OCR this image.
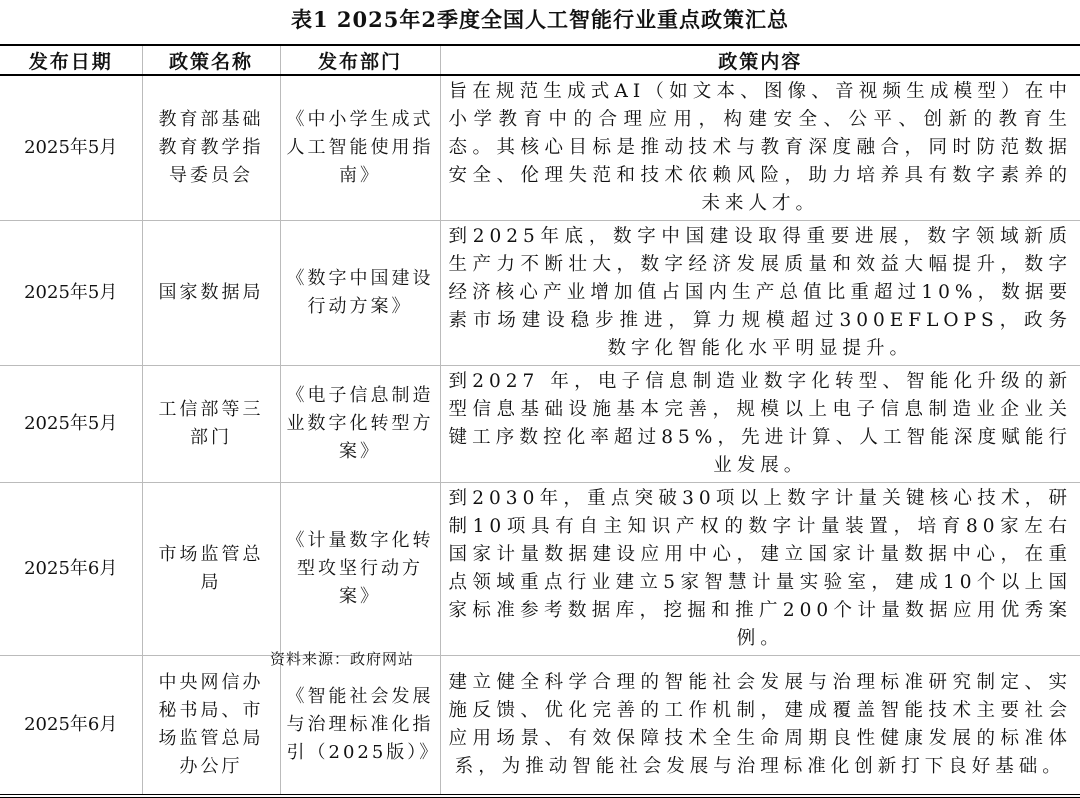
表1 2025年2季度全国人工智能行业重点政策汇总
发布日期	政策名称	发布部门	政策内容
2025年5月	教育部基础教育教学指导委员会	《中小学生成式人工智能使用指南》	旨在规范生成式AI（如文本、图像、音视频生成模型）在中小学教育中的合理应用，构建安全、公平、创新的教育生态。其核心目标是推动技术与教育深度融合，同时防范数据安全、伦理失范和技术依赖风险，助力培养具有数字素养的未来人才。
2025年5月	国家数据局	《数字中国建设行动方案》	到2025年底，数字中国建设取得重要进展，数字领域新质生产力不断壮大，数字经济发展质量和效益大幅提升，数字经济核心产业增加值占国内生产总值比重超过10%，数据要素市场建设稳步推进，算力规模超过300EFLOPS，政务数字化智能化水平明显提升。
2025年5月	工信部等三部门	《电子信息制造业数字化转型方案》	到2027 年，电子信息制造业数字化转型、智能化升级的新型信息基础设施基本完善，规模以上电子信息制造业企业关键工序数控化率超过85%，先进计算、人工智能深度赋能行业发展。
2025年6月	市场监管总局	《计量数字化转型攻坚行动方案》	到2030年，重点突破30项以上数字计量关键核心技术，研制10项具有自主知识产权的数字计量装置，培育80家左右国家计量数据建设应用中心，建立国家计量数据中心，在重点领域重点行业建立5家智慧计量实验室，建成10个以上国家标准参考数据库，挖掘和推广200个计量数据应用优秀案例。
2025年6月	中央网信办秘书局、市场监管总局办公厅	《智能社会发展与治理标准化指引（2025版）》	建立健全科学合理的智能社会发展与治理标准研究制定、实施反馈、优化完善的工作机制，建成覆盖智能技术主要社会应用场景、有效保障技术全生命周期良性健康发展的标准体系，为推动智能社会发展与治理标准化创新打下良好基础。
资料来源：政府网站
